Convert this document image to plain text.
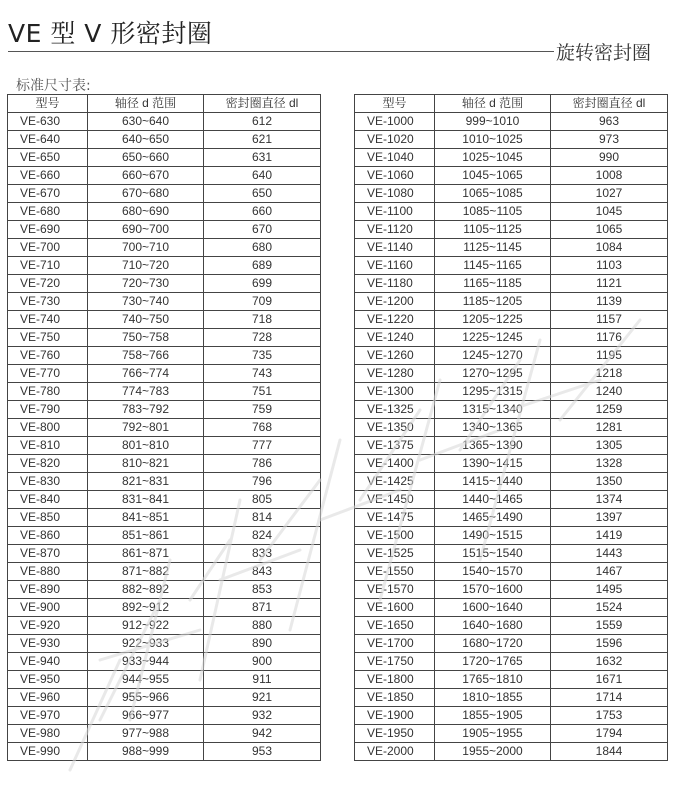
VE 型 V 形密封圈
旋转密封圈
标准尺寸表:
型号	轴径 d 范围	密封圈直径 dl
VE-630	630~640	612
VE-640	640~650	621
VE-650	650~660	631
VE-660	660~670	640
VE-670	670~680	650
VE-680	680~690	660
VE-690	690~700	670
VE-700	700~710	680
VE-710	710~720	689
VE-720	720~730	699
VE-730	730~740	709
VE-740	740~750	718
VE-750	750~758	728
VE-760	758~766	735
VE-770	766~774	743
VE-780	774~783	751
VE-790	783~792	759
VE-800	792~801	768
VE-810	801~810	777
VE-820	810~821	786
VE-830	821~831	796
VE-840	831~841	805
VE-850	841~851	814
VE-860	851~861	824
VE-870	861~871	833
VE-880	871~882	843
VE-890	882~892	853
VE-900	892~912	871
VE-920	912~922	880
VE-930	922~933	890
VE-940	933~944	900
VE-950	944~955	911
VE-960	955~966	921
VE-970	966~977	932
VE-980	977~988	942
VE-990	988~999	953
型号	轴径 d 范围	密封圈直径 dl
VE-1000	999~1010	963
VE-1020	1010~1025	973
VE-1040	1025~1045	990
VE-1060	1045~1065	1008
VE-1080	1065~1085	1027
VE-1100	1085~1105	1045
VE-1120	1105~1125	1065
VE-1140	1125~1145	1084
VE-1160	1145~1165	1103
VE-1180	1165~1185	1121
VE-1200	1185~1205	1139
VE-1220	1205~1225	1157
VE-1240	1225~1245	1176
VE-1260	1245~1270	1195
VE-1280	1270~1295	1218
VE-1300	1295~1315	1240
VE-1325	1315~1340	1259
VE-1350	1340~1365	1281
VE-1375	1365~1390	1305
VE-1400	1390~1415	1328
VE-1425	1415~1440	1350
VE-1450	1440~1465	1374
VE-1475	1465~1490	1397
VE-1500	1490~1515	1419
VE-1525	1515~1540	1443
VE-1550	1540~1570	1467
VE-1570	1570~1600	1495
VE-1600	1600~1640	1524
VE-1650	1640~1680	1559
VE-1700	1680~1720	1596
VE-1750	1720~1765	1632
VE-1800	1765~1810	1671
VE-1850	1810~1855	1714
VE-1900	1855~1905	1753
VE-1950	1905~1955	1794
VE-2000	1955~2000	1844
